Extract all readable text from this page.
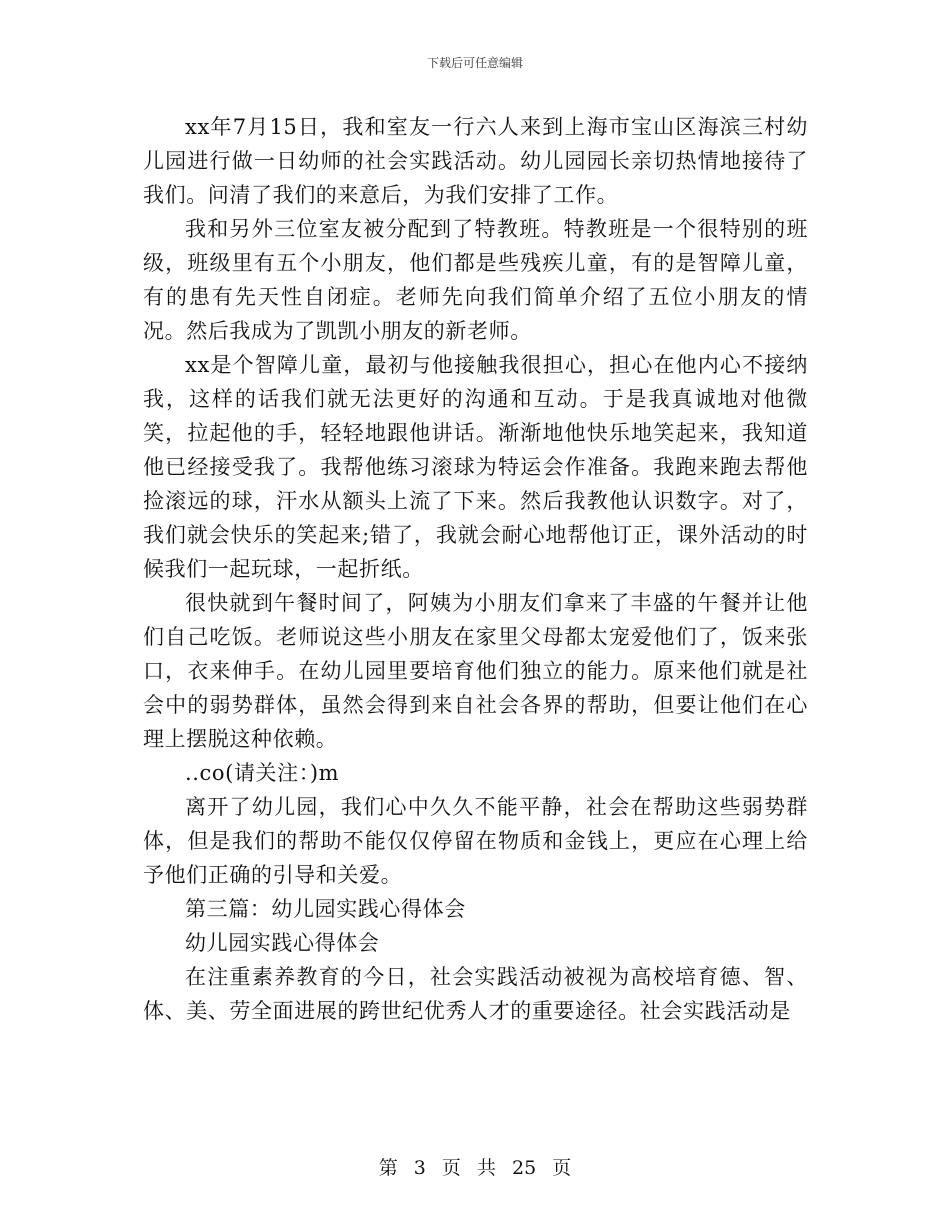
下载后可任意编辑

xx年7月15日，我和室友一行六人来到上海市宝山区海滨三村幼儿园进行做一日幼师的社会实践活动。幼儿园园长亲切热情地接待了我们。问清了我们的来意后，为我们安排了工作。

我和另外三位室友被分配到了特教班。特教班是一个很特别的班级，班级里有五个小朋友，他们都是些残疾儿童，有的是智障儿童，有的患有先天性自闭症。老师先向我们简单介绍了五位小朋友的情况。然后我成为了凯凯小朋友的新老师。

xx是个智障儿童，最初与他接触我很担心，担心在他内心不接纳我，这样的话我们就无法更好的沟通和互动。于是我真诚地对他微笑，拉起他的手，轻轻地跟他讲话。渐渐地他快乐地笑起来，我知道他已经接受我了。我帮他练习滚球为特运会作准备。我跑来跑去帮他捡滚远的球，汗水从额头上流了下来。然后我教他认识数字。对了，我们就会快乐的笑起来;错了，我就会耐心地帮他订正，课外活动的时候我们一起玩球，一起折纸。

很快就到午餐时间了，阿姨为小朋友们拿来了丰盛的午餐并让他们自己吃饭。老师说这些小朋友在家里父母都太宠爱他们了，饭来张口，衣来伸手。在幼儿园里要培育他们独立的能力。原来他们就是社会中的弱势群体，虽然会得到来自社会各界的帮助，但要让他们在心理上摆脱这种依赖。

..co(请关注：)m

离开了幼儿园，我们心中久久不能平静，社会在帮助这些弱势群体，但是我们的帮助不能仅仅停留在物质和金钱上，更应在心理上给予他们正确的引导和关爱。

第三篇：幼儿园实践心得体会

幼儿园实践心得体会

在注重素养教育的今日，社会实践活动被视为高校培育德、智、体、美、劳全面进展的跨世纪优秀人才的重要途径。社会实践活动是

第 3 页 共 25 页
